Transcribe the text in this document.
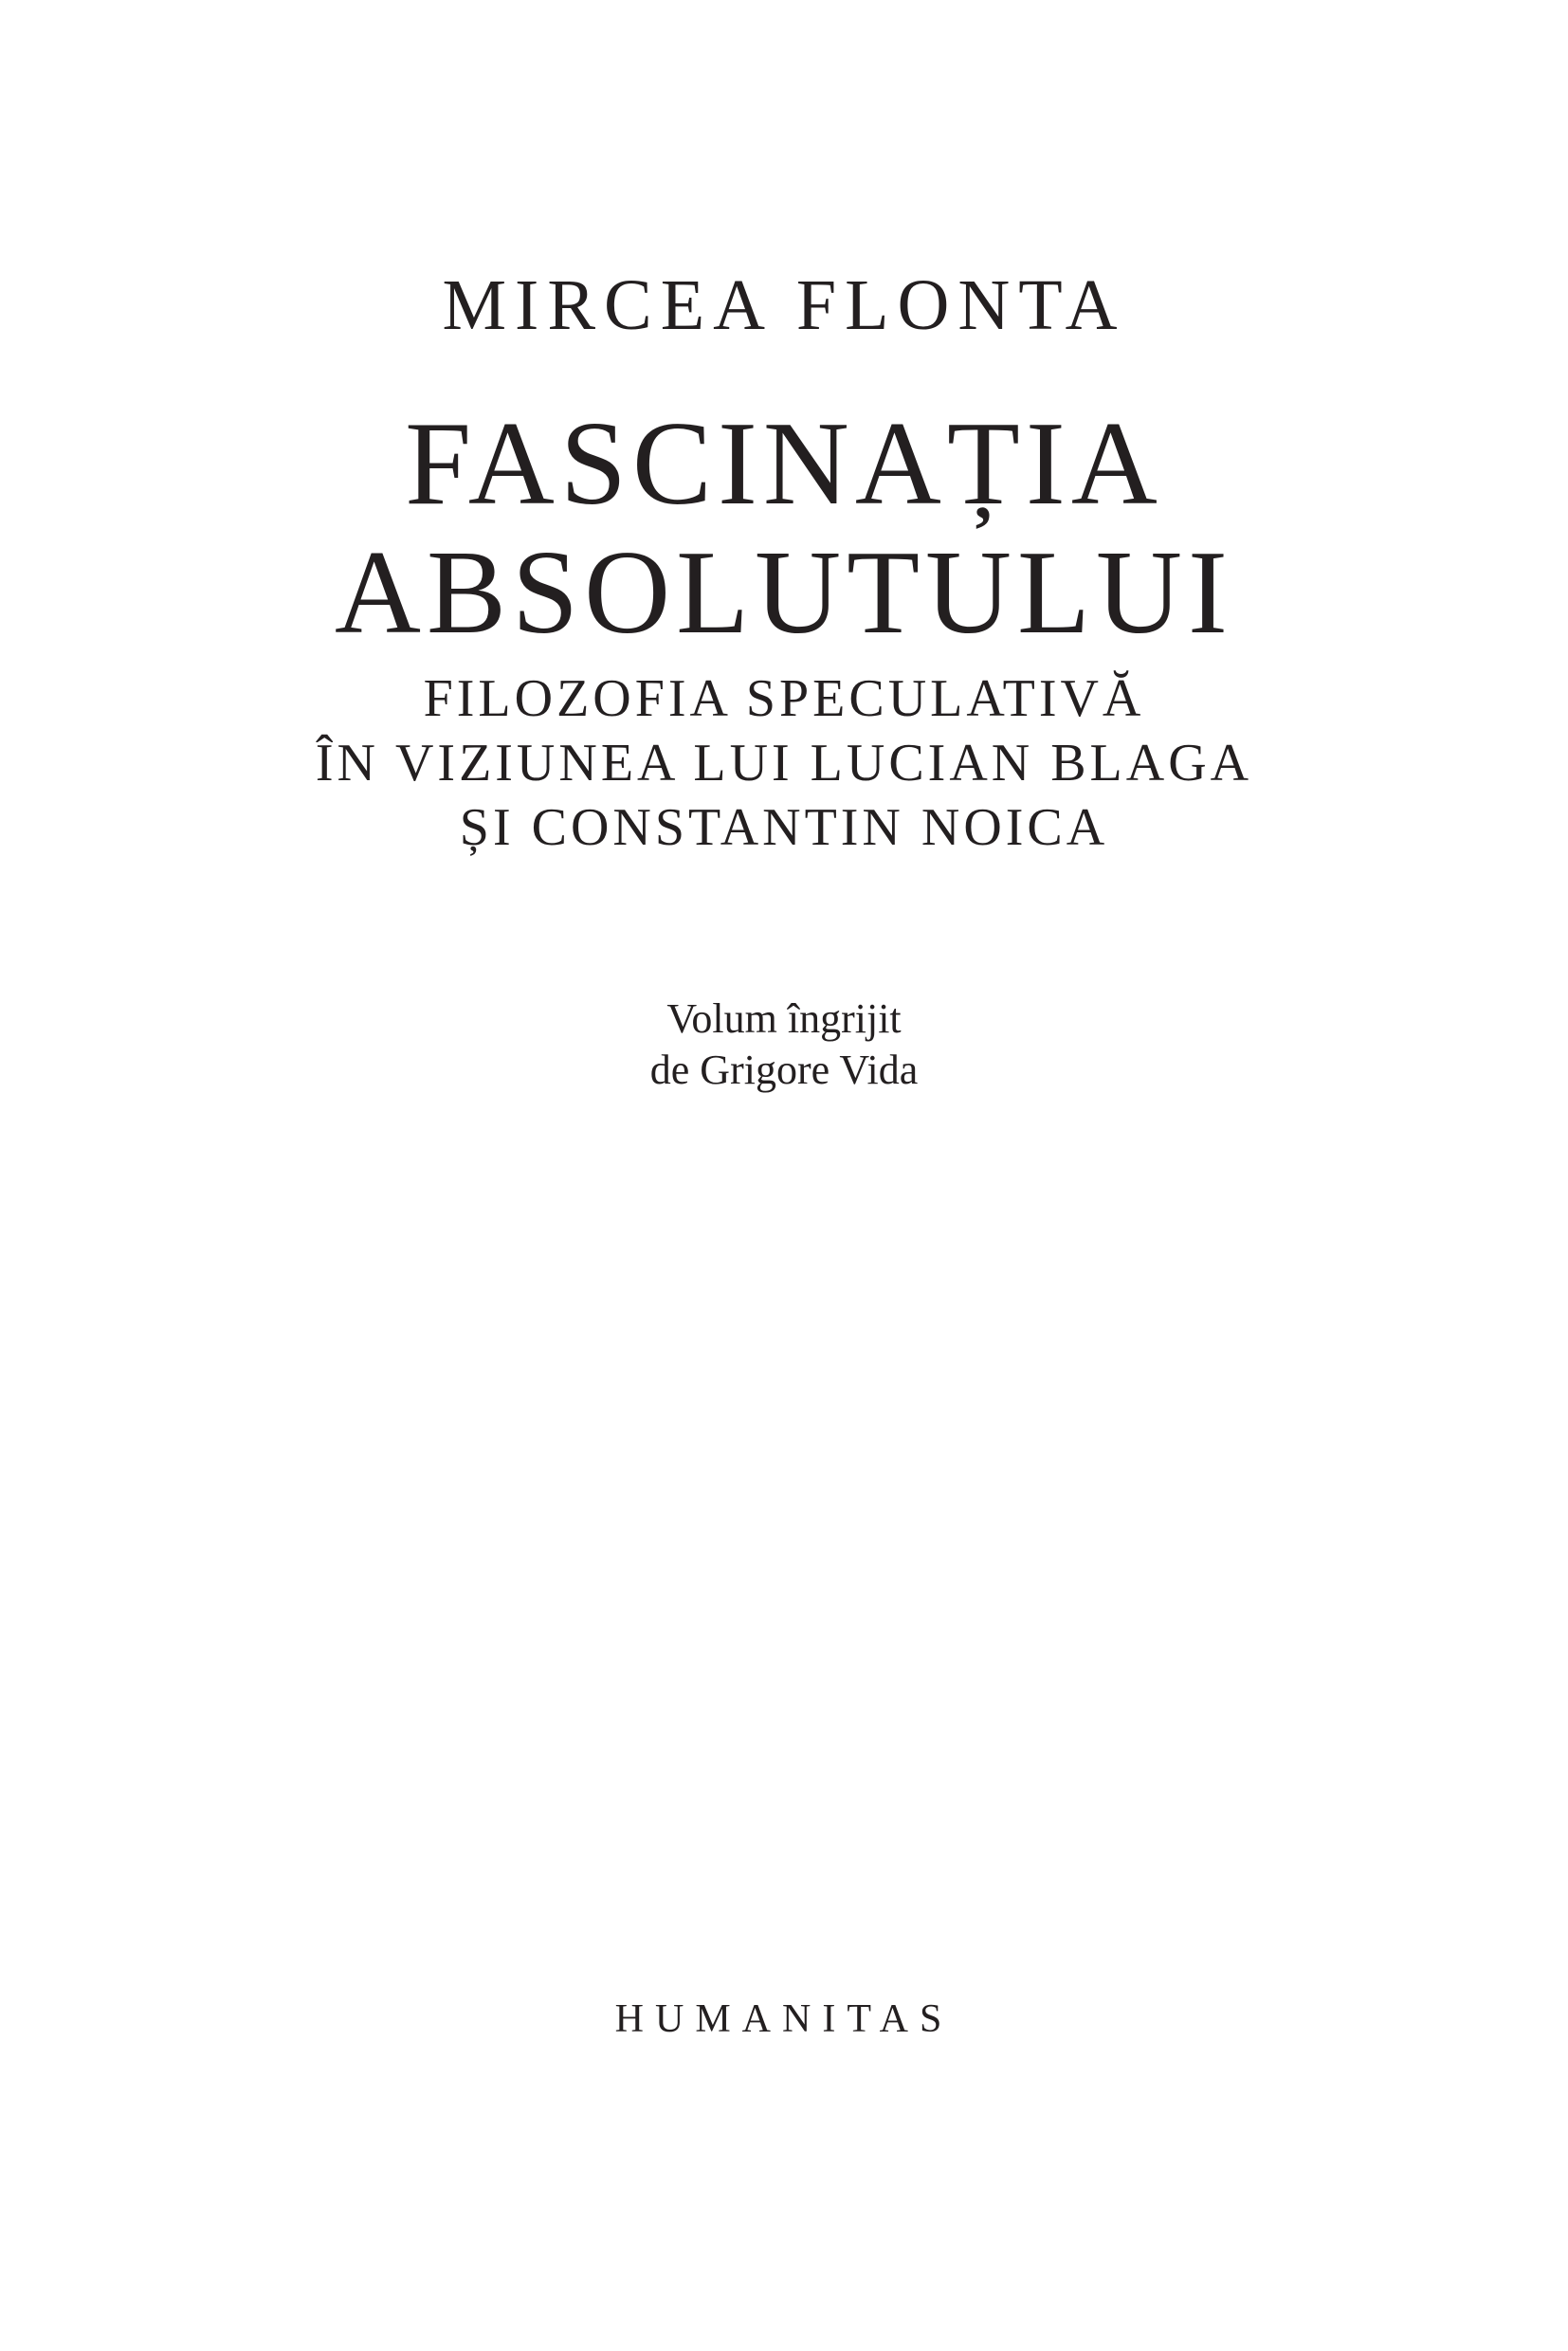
MIRCEA FLONTA

FASCINAȚIA
ABSOLUTULUI
FILOZOFIA SPECULATIVĂ
ÎN VIZIUNEA LUI LUCIAN BLAGA
ȘI CONSTANTIN NOICA
Volum îngrijit
de Grigore Vida

HUMANITAS
